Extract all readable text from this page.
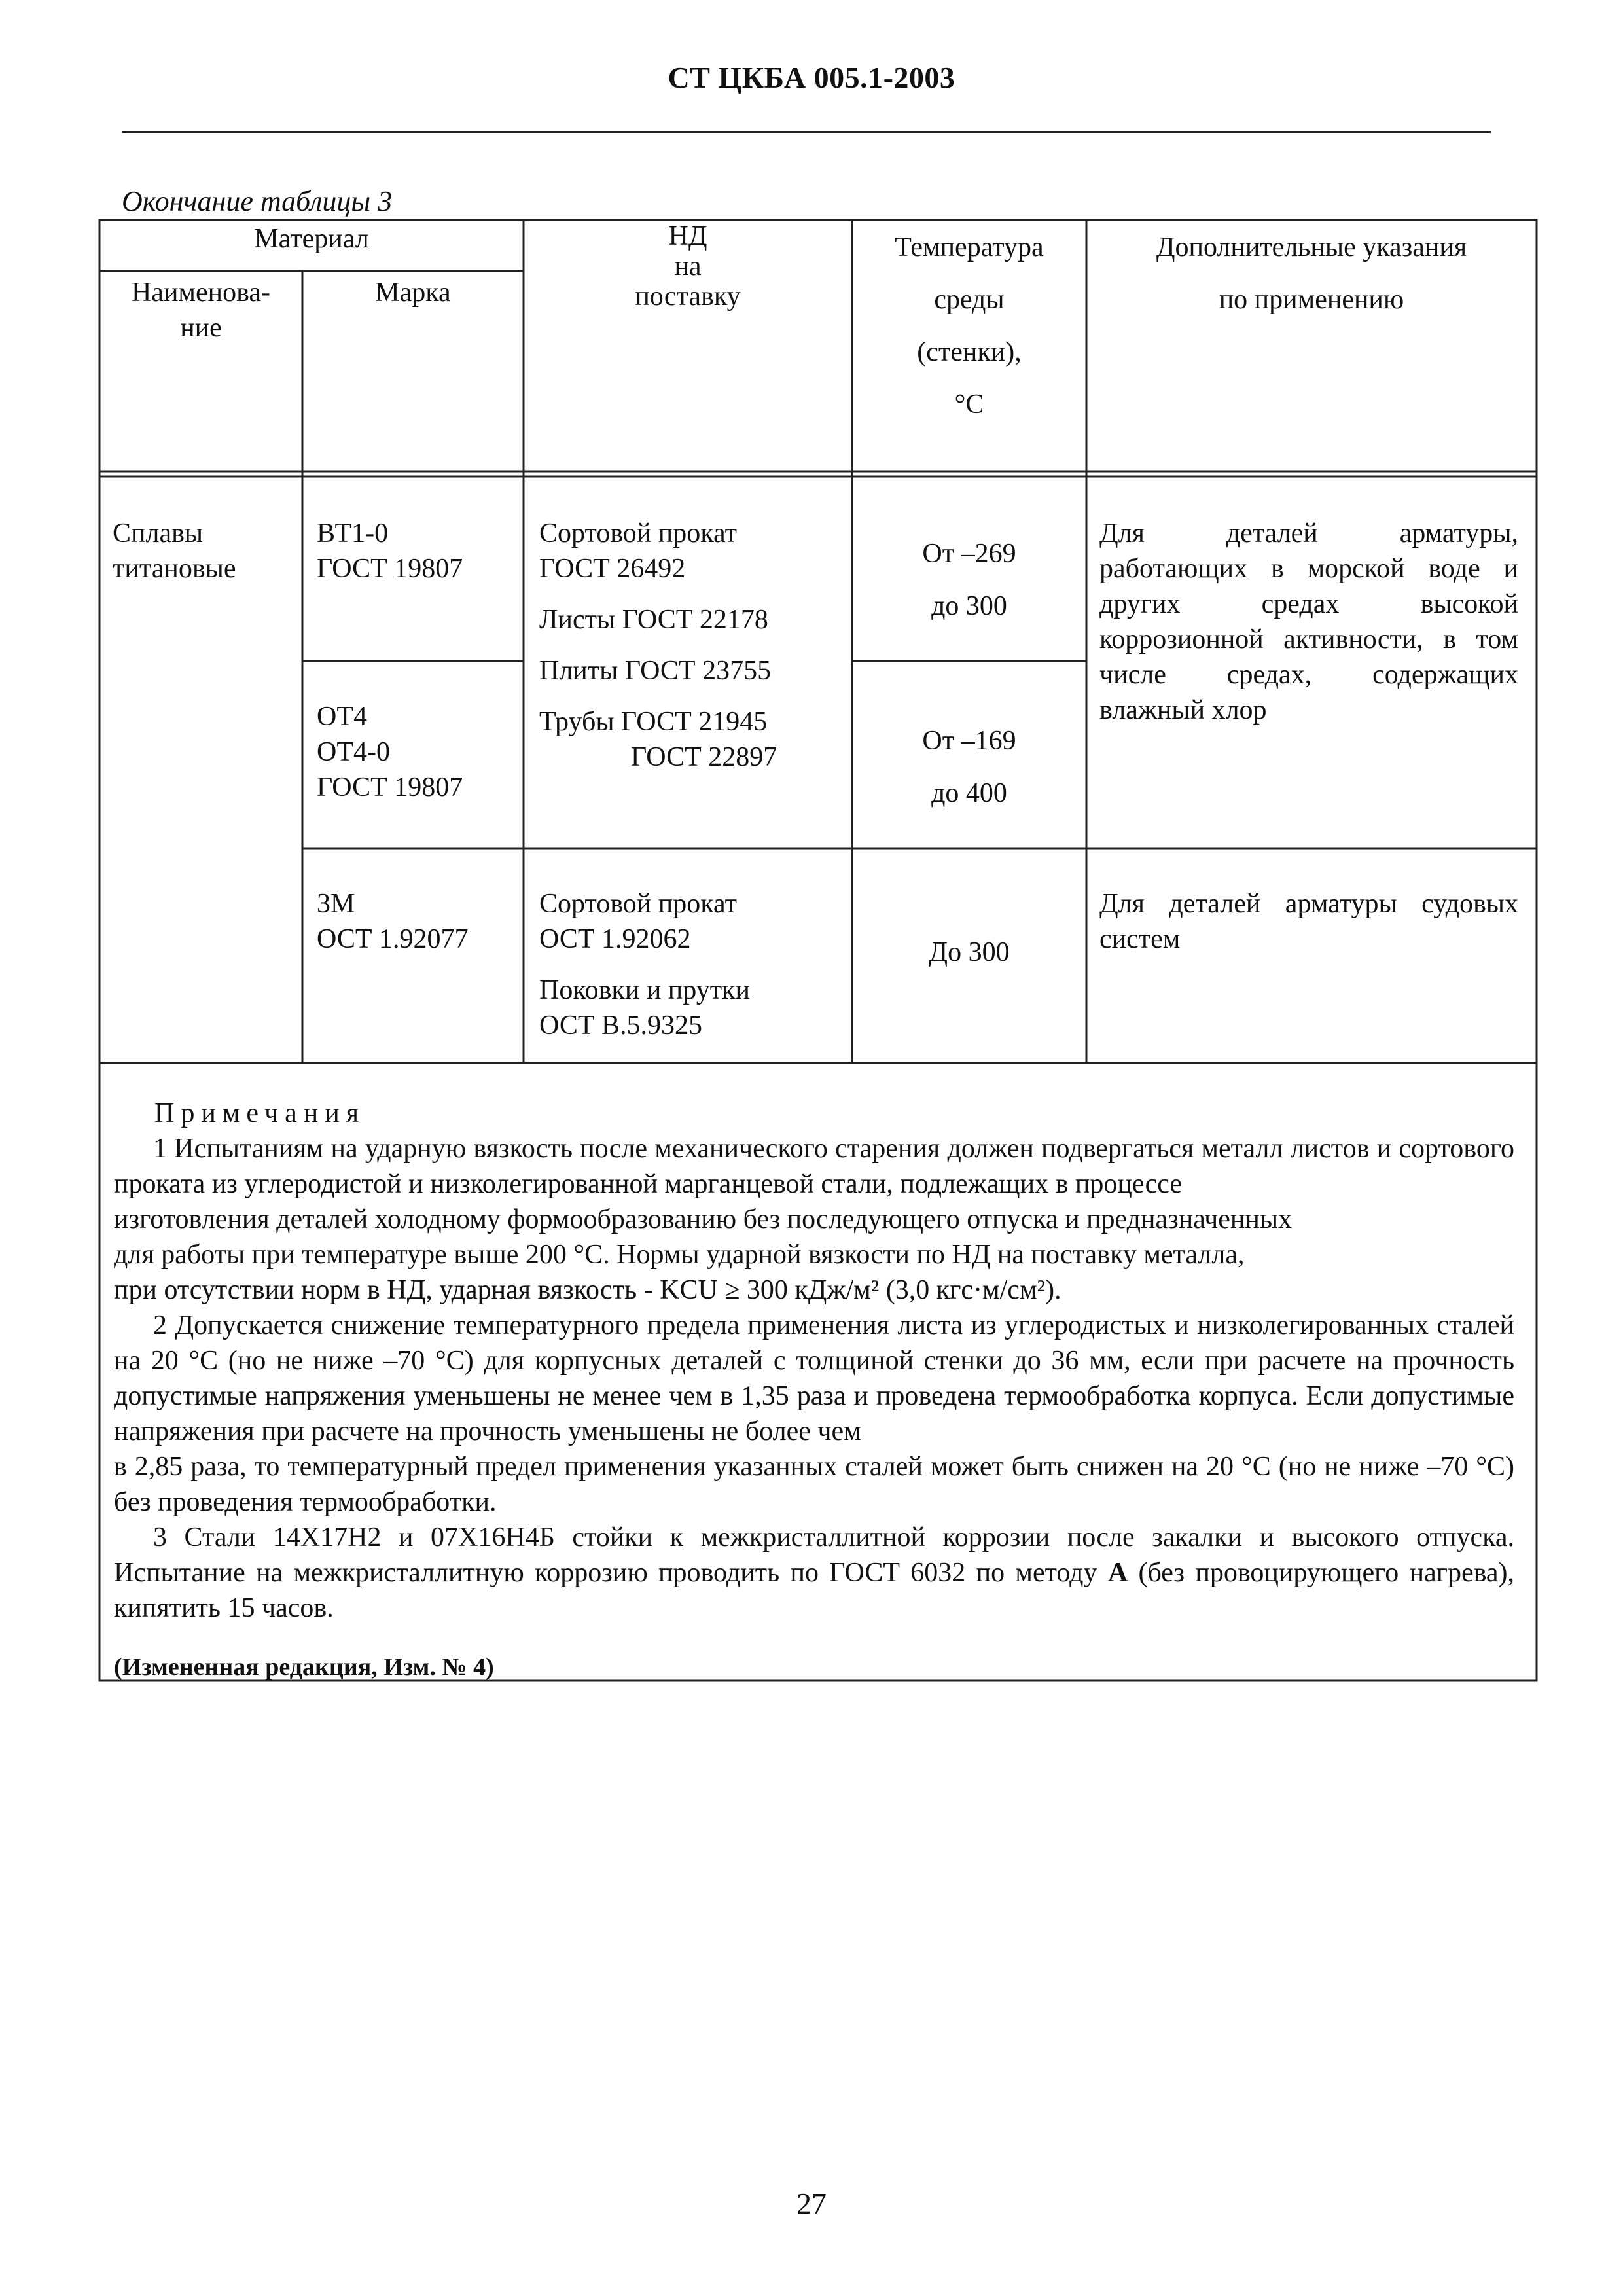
СТ ЦКБА 005.1-2003
Окончание таблицы 3
Материал
Наименова-
ние
Марка
НД
на
поставку
Температура
среды
(стенки),
°С
Дополнительные указания
по применению
Сплавы
титановые
ВТ1-0
ГОСТ 19807
ОТ4
ОТ4-0
ГОСТ 19807
3М
ОСТ 1.92077
Сортовой прокат
ГОСТ 26492
Листы ГОСТ 22178
Плиты ГОСТ 23755
Трубы ГОСТ 21945
ГОСТ 22897
Сортовой прокат
ОСТ 1.92062
Поковки и прутки
ОСТ В.5.9325
От –269
до 300
От –169
до 400
До 300
Для деталей арматуры,
работающих в морской воде и
других средах высокой
коррозионной активности, в том
числе средах, содержащих
влажный хлор
Для деталей арматуры судовых
систем

Примечания

1 Испытаниям на ударную вязкость после механического старения должен подвергаться металл листов и сортового проката из углеродистой и низколегированной марганцевой стали, подлежащих в процессе

изготовления деталей холодному формообразованию без последующего отпуска и предназначенных

для работы при температуре выше 200 °С. Нормы ударной вязкости по НД на поставку металла,

при отсутствии норм в НД, ударная вязкость - KCU ≥ 300 кДж/м² (3,0 кгс·м/см²).

2 Допускается снижение температурного предела применения листа из углеродистых и низколегированных сталей на 20 °С (но не ниже –70 °С) для корпусных деталей с толщиной стенки до 36 мм, если при расчете на прочность допустимые напряжения уменьшены не менее чем в 1,35 раза и проведена термообработка корпуса. Если допустимые напряжения при расчете на прочность уменьшены не более чем

в 2,85 раза, то температурный предел применения указанных сталей может быть снижен на 20 °С (но не ниже –70 °С) без проведения термообработки.

3 Стали 14Х17Н2 и 07Х16Н4Б стойки к межкристаллитной коррозии после закалки и высокого отпуска. Испытание на межкристаллитную коррозию проводить по ГОСТ 6032 по методу А (без провоцирующего нагрева), кипятить 15 часов.

(Измененная редакция, Изм. № 4)

27
